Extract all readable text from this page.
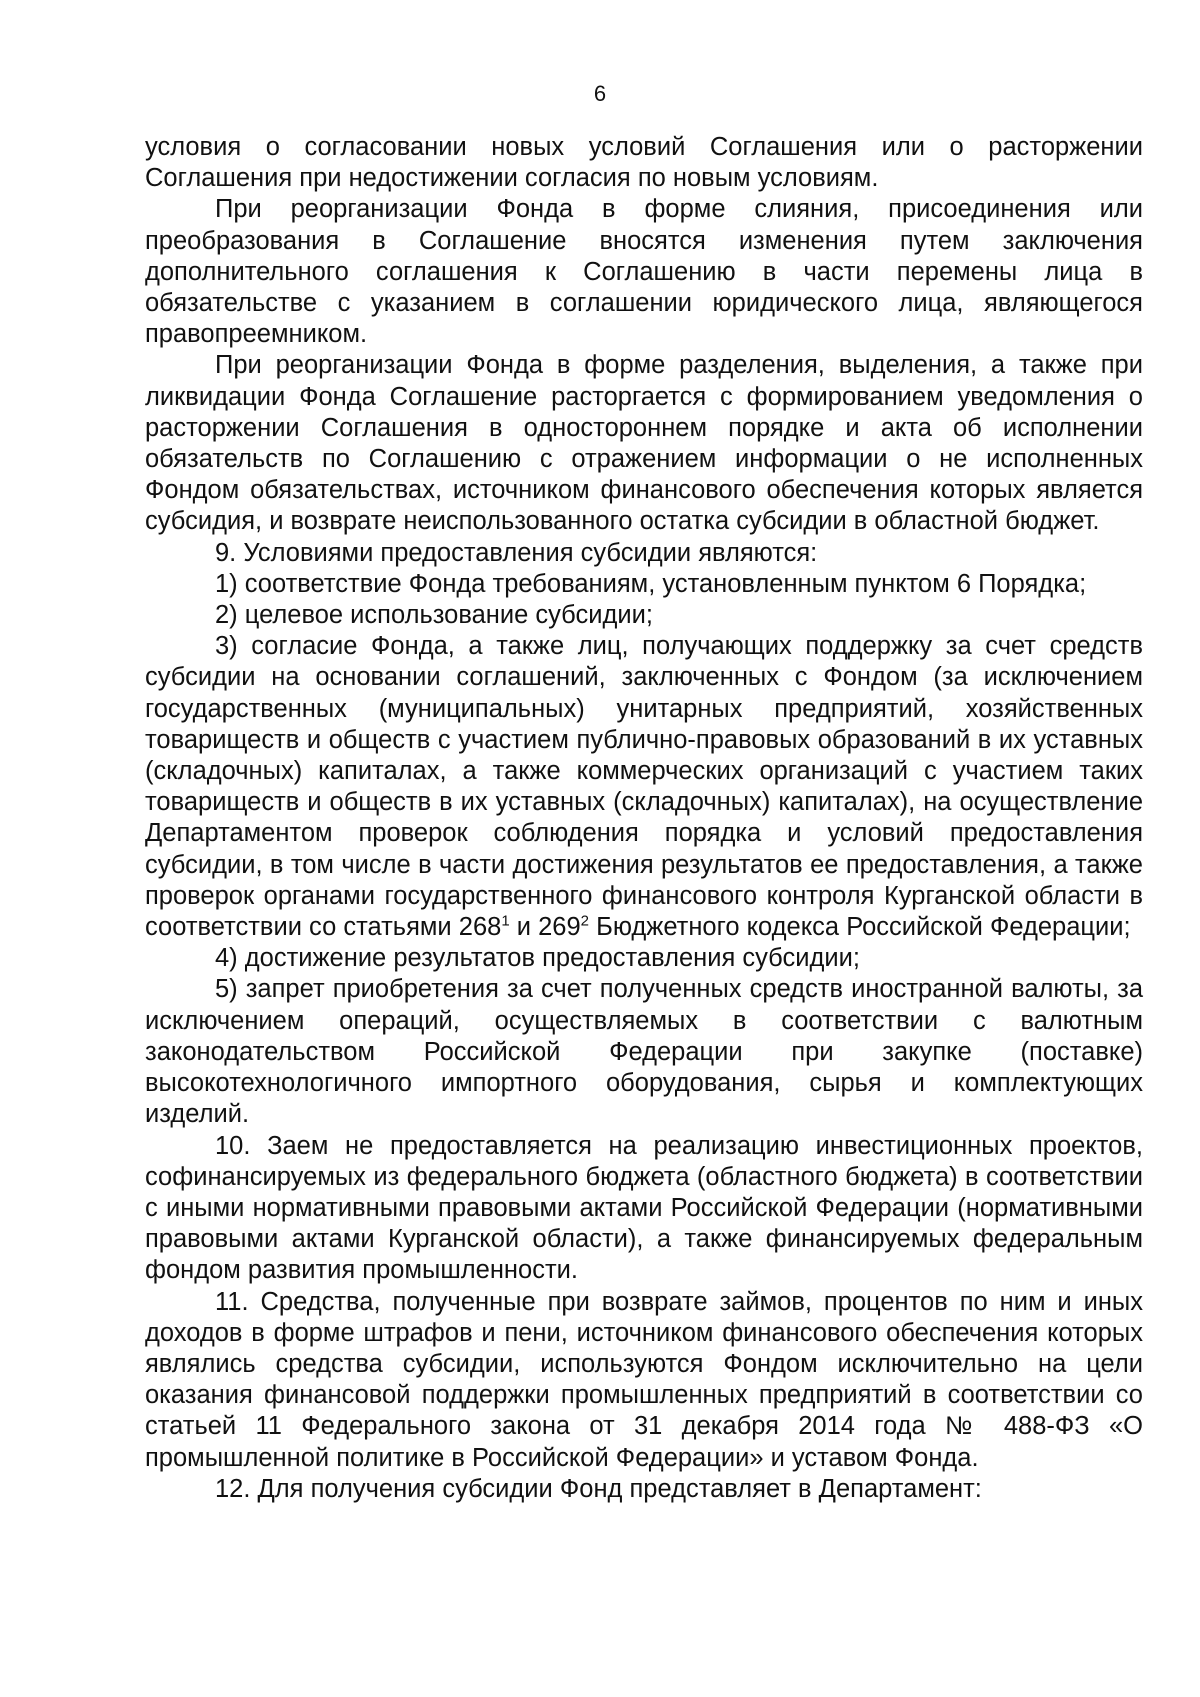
6

условия о согласовании новых условий Соглашения или о расторжении Соглашения при недостижении согласия по новым условиям.

При реорганизации Фонда в форме слияния, присоединения или преобразования в Соглашение вносятся изменения путем заключения дополнительного соглашения к Соглашению в части перемены лица в обязательстве с указанием в соглашении юридического лица, являющегося правопреемником.

При реорганизации Фонда в форме разделения, выделения, а также при ликвидации Фонда Соглашение расторгается с формированием уведомления о расторжении Соглашения в одностороннем порядке и акта об исполнении обязательств по Соглашению с отражением информации о не исполненных Фондом обязательствах, источником финансового обеспечения которых является субсидия, и возврате неиспользованного остатка субсидии в областной бюджет.

9. Условиями предоставления субсидии являются:

1) соответствие Фонда требованиям, установленным пунктом 6 Порядка;

2) целевое использование субсидии;

3) согласие Фонда, а также лиц, получающих поддержку за счет средств субсидии на основании соглашений, заключенных с Фондом (за исключением государственных (муниципальных) унитарных предприятий, хозяйственных товариществ и обществ с участием публично-правовых образований в их уставных (складочных) капиталах, а также коммерческих организаций с участием таких товариществ и обществ в их уставных (складочных) капиталах), на осуществление Департаментом проверок соблюдения порядка и условий предоставления субсидии, в том числе в части достижения результатов ее предоставления, а также проверок органами государственного финансового контроля Курганской области в соответствии со статьями $268^1$ и $269^2$ Бюджетного кодекса Российской Федерации;

4) достижение результатов предоставления субсидии;

5) запрет приобретения за счет полученных средств иностранной валюты, за исключением операций, осуществляемых в соответствии с валютным законодательством Российской Федерации при закупке (поставке) высокотехнологичного импортного оборудования, сырья и комплектующих изделий.

10. Заем не предоставляется на реализацию инвестиционных проектов, софинансируемых из федерального бюджета (областного бюджета) в соответствии с иными нормативными правовыми актами Российской Федерации (нормативными правовыми актами Курганской области), а также финансируемых федеральным фондом развития промышленности.

11. Средства, полученные при возврате займов, процентов по ним и иных доходов в форме штрафов и пени, источником финансового обеспечения которых являлись средства субсидии, используются Фондом исключительно на цели оказания финансовой поддержки промышленных предприятий в соответствии со статьей 11 Федерального закона от 31 декабря 2014 года № 488-ФЗ «О промышленной политике в Российской Федерации» и уставом Фонда.

12. Для получения субсидии Фонд представляет в Департамент:
